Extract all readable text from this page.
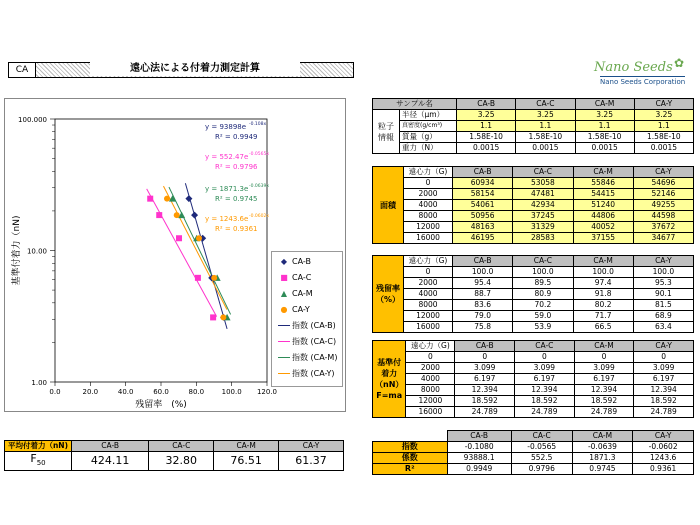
CA	遠心法による付着力測定計算	Nano Seeds
Nano Seeds Corporation
✿
1.00
10.00
100.000
0.0	20.0	40.0	60.0	80.0	100.0 120.0
残留率　(%)
基準付着力（nN)
y = 93898e -0.108x
R² = 0.9949
y = 552.47e -0.0565x
R² = 0.9796
y = 1871.3e -0.0639x
R² = 0.9745
y = 1243.6e -0.0602x
R² = 0.9361
◆ CA-B
■ CA-C
▲ CA-M
● CA-Y
指数 (CA-B)
指数 (CA-C)
指数 (CA-M)
指数 (CA-Y)
サンプル名		CA-B	CA-C	CA-M	CA-Y
粒子情報	半径（μm）	3.25	3.25	3.25	3.25
	真密度(g/cm³)	1.1	1.1	1.1	1.1
	質量（g）	1.58E-10	1.58E-10	1.58E-10	1.58E-10
	重力（N）	0.0015	0.0015	0.0015	0.0015
面積	遠心力（G)	CA-B	CA-C	CA-M	CA-Y
	0	60934	53058	55846	54696
	2000	58154	47481	54415	52146
	4000	54061	42934	51240	49255
	8000	50956	37245	44806	44598
	12000	48163	31329	40052	37672
	16000	46195	28583	37155	34677
残留率（%）	遠心力（G)	CA-B	CA-C	CA-M	CA-Y
	0	100.0	100.0	100.0	100.0
	2000	95.4	89.5	97.4	95.3
	4000	88.7	80.9	91.8	90.1
	8000	83.6	70.2	80.2	81.5
	12000	79.0	59.0	71.7	68.9
	16000	75.8	53.9	66.5	63.4
基準付着力（nN）F=ma	遠心力（G)	CA-B	CA-C	CA-M	CA-Y
	0	0	0	0	0
	2000	3.099	3.099	3.099	3.099
	4000	6.197	6.197	6.197	6.197
	8000	12.394	12.394	12.394	12.394
	12000	18.592	18.592	18.592	18.592
	16000	24.789	24.789	24.789	24.789
平均付着力（nN)	CA-B	CA-C	CA-M	CA-Y
$F_{50}$	424.11	32.80	76.51	61.37
	CA-B	CA-C	CA-M	CA-Y
指数	-0.1080	-0.0565	-0.0639	-0.0602
係数	93888.1	552.5	1871.3	1243.6
R²	0.9949	0.9796	0.9745	0.9361
